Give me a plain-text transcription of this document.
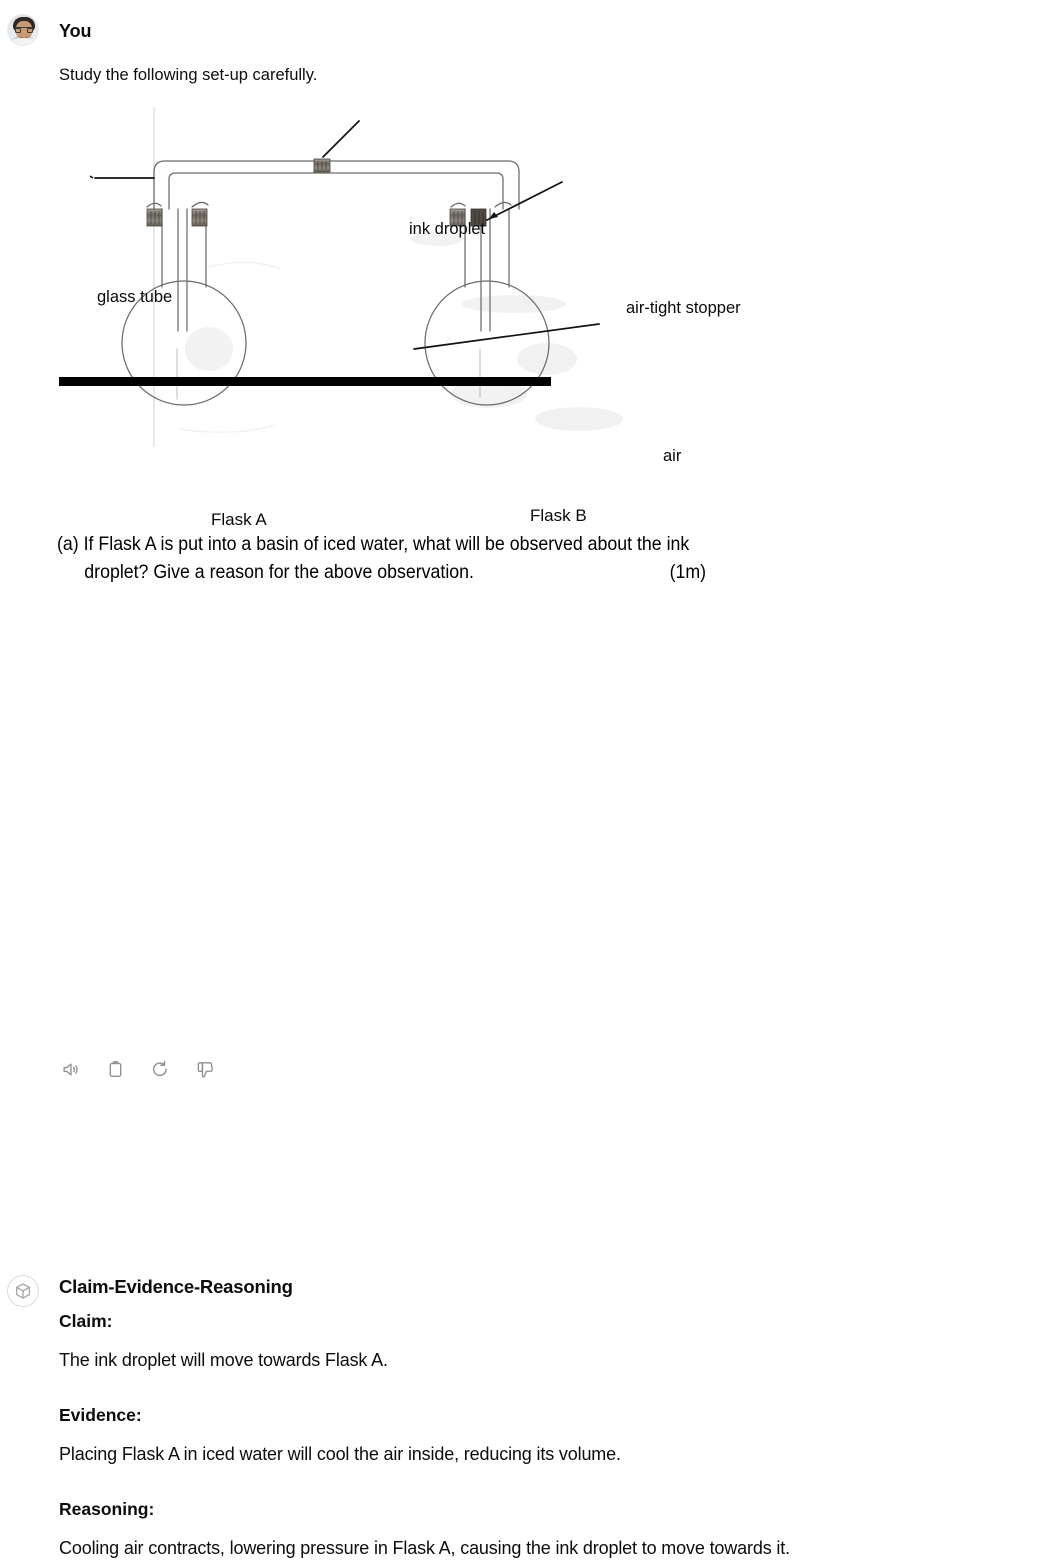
You

Study the following set-up carefully.

ink droplet
glass tube
air-tight stopper
air
Flask A	Flask B
(a) If Flask A is put into a basin of iced water, what will be observed about the ink
droplet? Give a reason for the above observation.	(1m)
Claim-Evidence-Reasoning
Claim:

The ink droplet will move towards Flask A.

Evidence:

Placing Flask A in iced water will cool the air inside, reducing its volume.

Reasoning:

Cooling air contracts, lowering pressure in Flask A, causing the ink droplet to move towards it.
